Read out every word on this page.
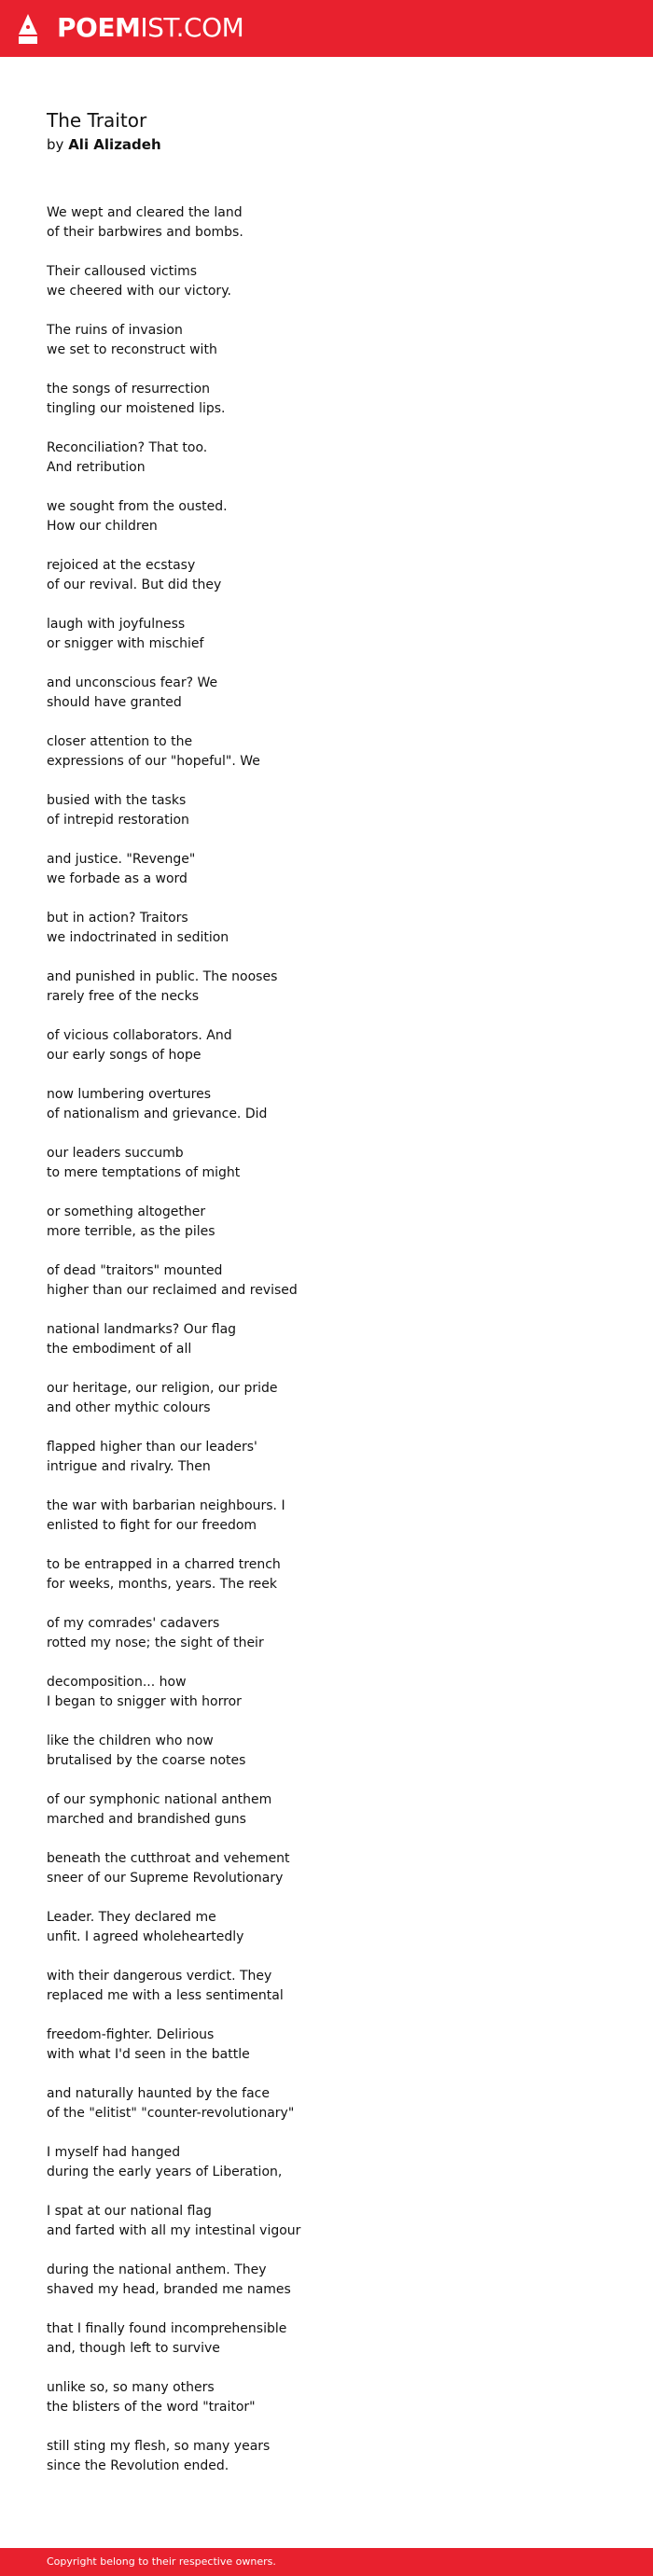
POEMIST.COM
The Traitor
by Ali Alizadeh
We wept and cleared the land
of their barbwires and bombs.
Their calloused victims
we cheered with our victory.
The ruins of invasion
we set to reconstruct with
the songs of resurrection
tingling our moistened lips.
Reconciliation? That too.
And retribution
we sought from the ousted.
How our children
rejoiced at the ecstasy
of our revival. But did they
laugh with joyfulness
or snigger with mischief
and unconscious fear? We
should have granted
closer attention to the
expressions of our "hopeful". We
busied with the tasks
of intrepid restoration
and justice. "Revenge"
we forbade as a word
but in action? Traitors
we indoctrinated in sedition
and punished in public. The nooses
rarely free of the necks
of vicious collaborators. And
our early songs of hope
now lumbering overtures
of nationalism and grievance. Did
our leaders succumb
to mere temptations of might
or something altogether
more terrible, as the piles
of dead "traitors" mounted
higher than our reclaimed and revised
national landmarks? Our flag
the embodiment of all
our heritage, our religion, our pride
and other mythic colours
flapped higher than our leaders'
intrigue and rivalry. Then
the war with barbarian neighbours. I
enlisted to fight for our freedom
to be entrapped in a charred trench
for weeks, months, years. The reek
of my comrades' cadavers
rotted my nose; the sight of their
decomposition... how
I began to snigger with horror
like the children who now
brutalised by the coarse notes
of our symphonic national anthem
marched and brandished guns
beneath the cutthroat and vehement
sneer of our Supreme Revolutionary
Leader. They declared me
unfit. I agreed wholeheartedly
with their dangerous verdict. They
replaced me with a less sentimental
freedom-fighter. Delirious
with what I'd seen in the battle
and naturally haunted by the face
of the "elitist" "counter-revolutionary"
I myself had hanged
during the early years of Liberation,
I spat at our national flag
and farted with all my intestinal vigour
during the national anthem. They
shaved my head, branded me names
that I finally found incomprehensible
and, though left to survive
unlike so, so many others
the blisters of the word "traitor"
still sting my flesh, so many years
since the Revolution ended.
Copyright belong to their respective owners.
